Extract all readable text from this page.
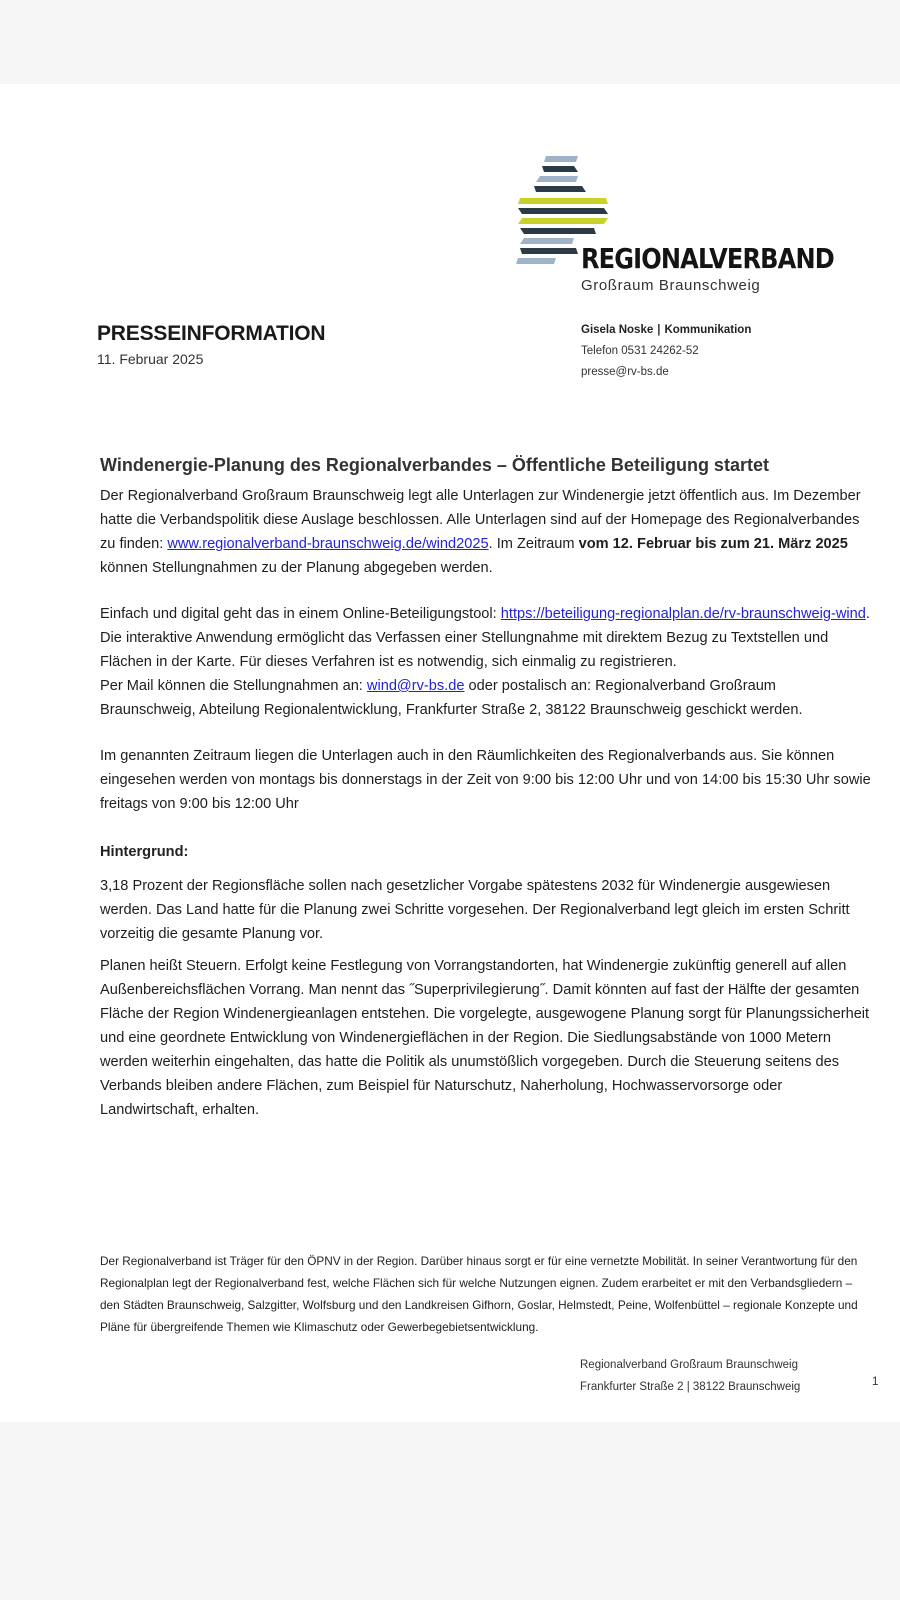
REGIONALVERBAND
Großraum Braunschweig
PRESSEINFORMATION
11. Februar 2025
Gisela Noske | Kommunikation
Telefon 0531 24262-52
presse@rv-bs.de
Windenergie-Planung des Regionalverbandes – Öffentliche Beteiligung startet

Der Regionalverband Großraum Braunschweig legt alle Unterlagen zur Windenergie jetzt öffentlich aus. Im Dezember hatte die Verbandspolitik diese Auslage beschlossen. Alle Unterlagen sind auf der Homepage des Regionalverbandes zu finden: www.regionalverband-braunschweig.de/wind2025. Im Zeitraum vom 12. Februar bis zum 21. März 2025 können Stellungnahmen zu der Planung abgegeben werden.

Einfach und digital geht das in einem Online-Beteiligungstool: https://beteiligung-regionalplan.de/rv-braunschweig-wind. Die interaktive Anwendung ermöglicht das Verfassen einer Stellungnahme mit direktem Bezug zu Textstellen und Flächen in der Karte. Für dieses Verfahren ist es notwendig, sich einmalig zu registrieren.

Per Mail können die Stellungnahmen an: wind@rv-bs.de oder postalisch an: Regionalverband Großraum Braunschweig, Abteilung Regionalentwicklung, Frankfurter Straße 2, 38122 Braunschweig geschickt werden.

Im genannten Zeitraum liegen die Unterlagen auch in den Räumlichkeiten des Regionalverbands aus. Sie können eingesehen werden von montags bis donnerstags in der Zeit von 9:00 bis 12:00 Uhr und von 14:00 bis 15:30 Uhr sowie freitags von 9:00 bis 12:00 Uhr

Hintergrund:

3,18 Prozent der Regionsfläche sollen nach gesetzlicher Vorgabe spätestens 2032 für Windenergie ausgewiesen werden. Das Land hatte für die Planung zwei Schritte vorgesehen. Der Regionalverband legt gleich im ersten Schritt vorzeitig die gesamte Planung vor.

Planen heißt Steuern. Erfolgt keine Festlegung von Vorrangstandorten, hat Windenergie zukünftig generell auf allen Außenbereichsflächen Vorrang. Man nennt das ˝Superprivilegierung˝. Damit könnten auf fast der Hälfte der gesamten Fläche der Region Windenergieanlagen entstehen. Die vorgelegte, ausgewogene Planung sorgt für Planungssicherheit und eine geordnete Entwicklung von Windenergieflächen in der Region. Die Siedlungsabstände von 1000 Metern werden weiterhin eingehalten, das hatte die Politik als unumstößlich vorgegeben. Durch die Steuerung seitens des Verbands bleiben andere Flächen, zum Beispiel für Naturschutz, Naherholung, Hochwasservorsorge oder Landwirtschaft, erhalten.

Der Regionalverband ist Träger für den ÖPNV in der Region. Darüber hinaus sorgt er für eine vernetzte Mobilität. In seiner Verantwortung für den Regionalplan legt der Regionalverband fest, welche Flächen sich für welche Nutzungen eignen. Zudem erarbeitet er mit den Verbandsgliedern – den Städten Braunschweig, Salzgitter, Wolfsburg und den Landkreisen Gifhorn, Goslar, Helmstedt, Peine, Wolfenbüttel – regionale Konzepte und Pläne für übergreifende Themen wie Klimaschutz oder Gewerbegebietsentwicklung.
Regionalverband Großraum Braunschweig
Frankfurter Straße 2 | 38122 Braunschweig	1
